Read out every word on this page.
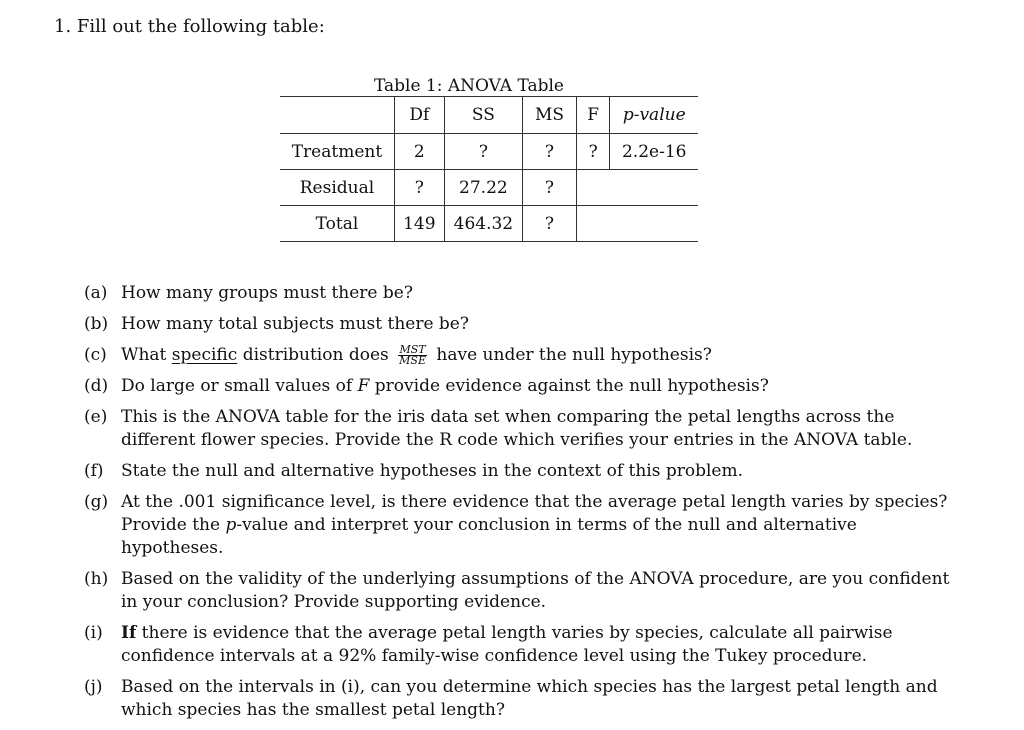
1. Fill out the following table:
Table 1: ANOVA Table
	Df	SS	MS	F	p-value
Treatment	2	?	?	?	2.2e-16
Residual	?	27.22	?		
Total	149	464.32	?		
(a) How many groups must there be?
(b) How many total subjects must there be?
(c) What specific distribution does $\frac{\text{MST}}{\text{MSE}}$ have under the null hypothesis?
(d) Do large or small values of F provide evidence against the null hypothesis?
(e) This is the ANOVA table for the iris data set when comparing the petal lengths across the different flower species. Provide the R code which verifies your entries in the ANOVA table.
(f) State the null and alternative hypotheses in the context of this problem.
(g) At the .001 significance level, is there evidence that the average petal length varies by species? Provide the p-value and interpret your conclusion in terms of the null and alternative hypotheses.
(h) Based on the validity of the underlying assumptions of the ANOVA procedure, are you confident in your conclusion? Provide supporting evidence.
(i) If there is evidence that the average petal length varies by species, calculate all pairwise confidence intervals at a 92% family-wise confidence level using the Tukey procedure.
(j) Based on the intervals in (i), can you determine which species has the largest petal length and which species has the smallest petal length?
